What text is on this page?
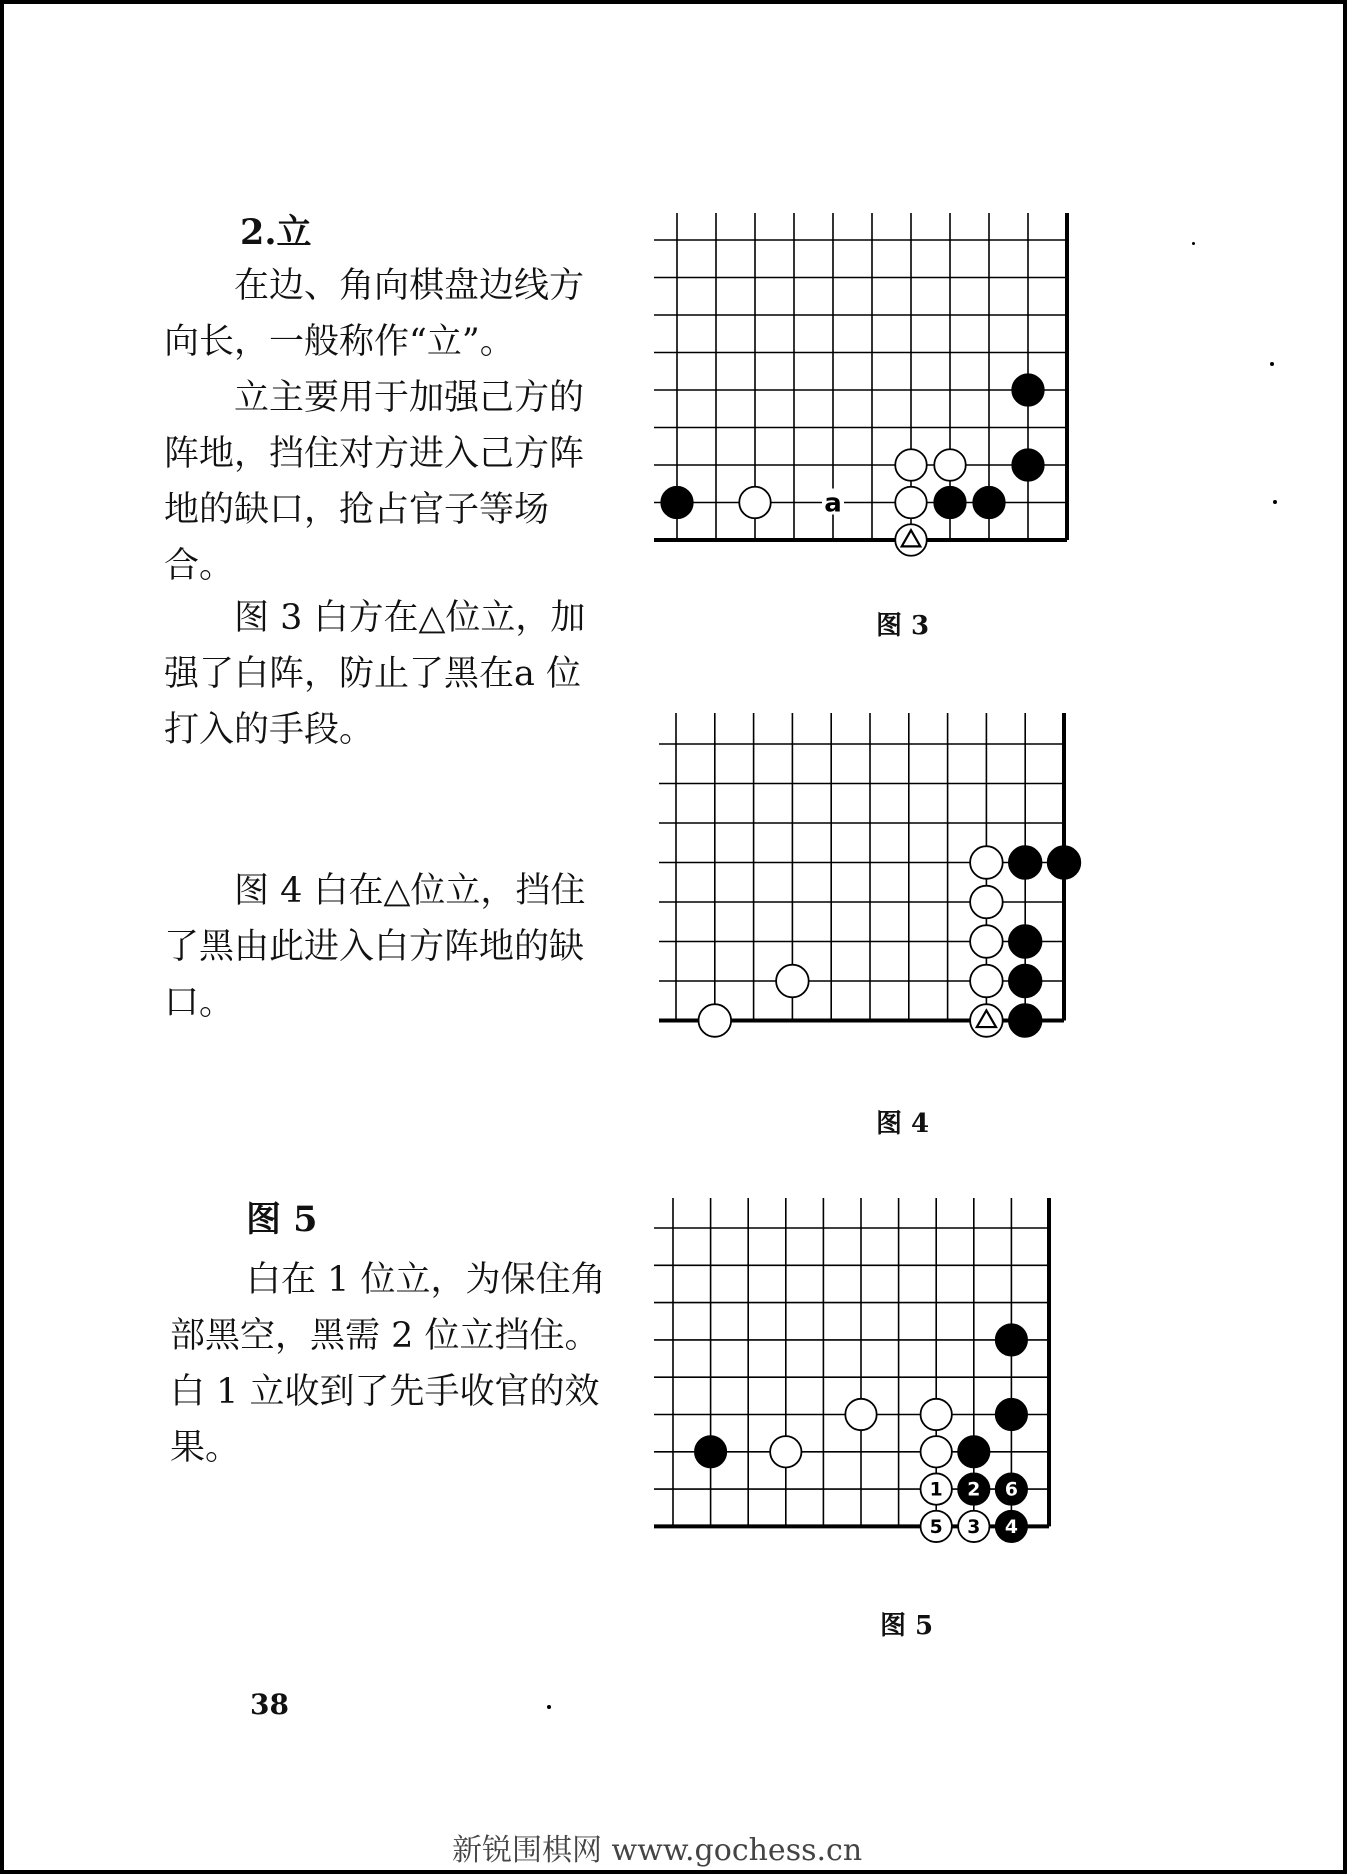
2.立

在边、角向棋盘边线方向长，一般称作“立”。

立主要用于加强己方的阵地，挡住对方进入己方阵地的缺口，抢占官子等场合。

图 3 白方在△位立，加强了白阵，防止了黑在a 位打入的手段。

图 4 白在△位立，挡住了黑由此进入白方阵地的缺口。

图 5

白在 1 位立，为保住角部黑空，黑需 2 位立挡住。白 1 立收到了先手收官的效果。

a
图 3
图 4
1 2
3 4
5
6
图 5
38
新锐围棋网 www.gochess.cn
